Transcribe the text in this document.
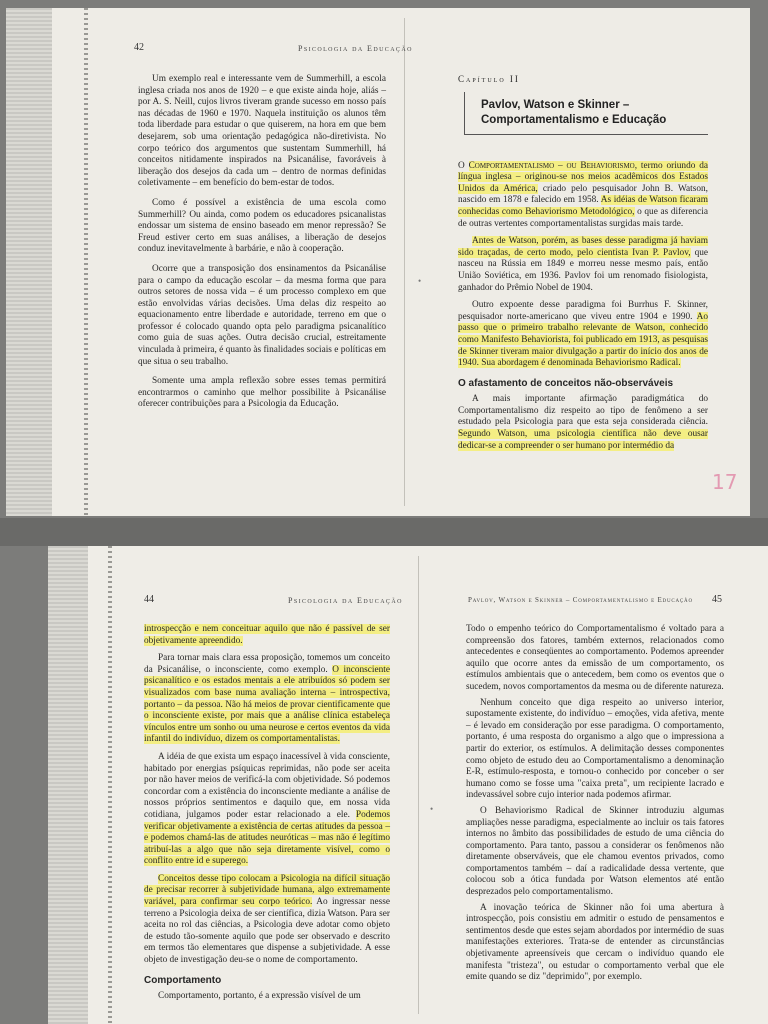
42	Psicologia da Educação

Um exemplo real e interessante vem de Summerhill, a escola inglesa criada nos anos de 1920 – e que existe ainda hoje, aliás – por A. S. Neill, cujos livros tiveram grande sucesso em nosso país nas décadas de 1960 e 1970. Naquela instituição os alunos têm toda liberdade para estudar o que quiserem, na hora em que bem desejarem, sob uma orientação pedagógica não-diretivista. No corpo teórico dos argumentos que sustentam Summerhill, há conceitos nitidamente inspirados na Psicanálise, favoráveis à liberação dos desejos da cada um – dentro de normas definidas coletivamente – em benefício do bem-estar de todos.

Como é possível a existência de uma escola como Summerhill? Ou ainda, como podem os educadores psicanalistas endossar um sistema de ensino baseado em menor repressão? Se Freud estiver certo em suas análises, a liberação de desejos conduz inevitavelmente à barbárie, e não à cooperação.

Ocorre que a transposição dos ensinamentos da Psicanálise para o campo da educação escolar – da mesma forma que para outros setores de nossa vida – é um processo complexo em que estão envolvidas várias decisões. Uma delas diz respeito ao equacionamento entre liberdade e autoridade, terreno em que o professor é colocado quando opta pelo paradigma psicanalítico como guia de suas ações. Outra decisão crucial, estreitamente vinculada à primeira, é quanto às finalidades sociais e políticas em que situa o seu trabalho.

Somente uma ampla reflexão sobre esses temas permitirá encontrarmos o caminho que melhor possibilite à Psicanálise oferecer contribuições para a Psicologia da Educação.

•
Capítulo II
Pavlov, Watson e Skinner –
Comportamentalismo e Educação

O Comportamentalismo – ou Behaviorismo, termo oriundo da língua inglesa – originou-se nos meios acadêmicos dos Estados Unidos da América, criado pelo pesquisador John B. Watson, nascido em 1878 e falecido em 1958. As idéias de Watson ficaram conhecidas como Behaviorismo Metodológico, o que as diferencia de outras vertentes comportamentalistas surgidas mais tarde.

Antes de Watson, porém, as bases desse paradigma já haviam sido traçadas, de certo modo, pelo cientista Ivan P. Pavlov, que nasceu na Rússia em 1849 e morreu nesse mesmo país, então União Soviética, em 1936. Pavlov foi um renomado fisiologista, ganhador do Prêmio Nobel de 1904.

Outro expoente desse paradigma foi Burrhus F. Skinner, pesquisador norte-americano que viveu entre 1904 e 1990. Ao passo que o primeiro trabalho relevante de Watson, conhecido como Manifesto Behaviorista, foi publicado em 1913, as pesquisas de Skinner tiveram maior divulgação a partir do início dos anos de 1940. Sua abordagem é denominada Behaviorismo Radical.

O afastamento de conceitos não-observáveis

A mais importante afirmação paradigmática do Comportamentalismo diz respeito ao tipo de fenômeno a ser estudado pela Psicologia para que esta seja considerada ciência. Segundo Watson, uma psicologia científica não deve ousar dedicar-se a compreender o ser humano por intermédio da

17
44	Psicologia da Educação	Pavlov, Watson e Skinner – Comportamentalismo e Educação 45

introspecção e nem conceituar aquilo que não é passível de ser objetivamente apreendido.

Para tornar mais clara essa proposição, tomemos um conceito da Psicanálise, o inconsciente, como exemplo. O inconsciente psicanalítico e os estados mentais a ele atribuídos só podem ser visualizados com base numa avaliação interna – introspectiva, portanto – da pessoa. Não há meios de provar cientificamente que o inconsciente existe, por mais que a análise clínica estabeleça vínculos entre um sonho ou uma neurose e certos eventos da vida infantil do indivíduo, dizem os comportamentalistas.

A idéia de que exista um espaço inacessível à vida consciente, habitado por energias psíquicas reprimidas, não pode ser aceita por não haver meios de verificá-la com objetividade. Só podemos concordar com a existência do inconsciente mediante a análise de nossos próprios sentimentos e daquilo que, em nossa vida cotidiana, julgamos poder estar relacionado a ele. Podemos verificar objetivamente a existência de certas atitudes da pessoa – e podemos chamá-las de atitudes neuróticas – mas não é legítimo atribuí-las a algo que não seja diretamente visível, como o conflito entre id e superego.

Conceitos desse tipo colocam a Psicologia na difícil situação de precisar recorrer à subjetividade humana, algo extremamente variável, para confirmar seu corpo teórico. Ao ingressar nesse terreno a Psicologia deixa de ser científica, dizia Watson. Para ser aceita no rol das ciências, a Psicologia deve adotar como objeto de estudo tão-somente aquilo que pode ser observado e descrito em termos tão elementares que dispense a subjetividade. A esse objeto de investigação deu-se o nome de comportamento.

Comportamento

Comportamento, portanto, é a expressão visível de um

•

Todo o empenho teórico do Comportamentalismo é voltado para a compreensão dos fatores, também externos, relacionados como antecedentes e conseqüentes ao comportamento. Podemos apreender aquilo que ocorre antes da emissão de um comportamento, os estímulos ambientais que o antecedem, bem como os eventos que o sucedem, novos comportamentos da mesma ou de diferente natureza.

Nenhum conceito que diga respeito ao universo interior, supostamente existente, do indivíduo – emoções, vida afetiva, mente – é levado em consideração por esse paradigma. O comportamento, portanto, é uma resposta do organismo a algo que o impressiona a partir do exterior, os estímulos. A delimitação desses componentes como objeto de estudo deu ao Comportamentalismo a denominação E-R, estímulo-resposta, e tornou-o conhecido por conceber o ser humano como se fosse uma "caixa preta", um recipiente lacrado e indevassável sobre cujo interior nada podemos afirmar.

O Behaviorismo Radical de Skinner introduziu algumas ampliações nesse paradigma, especialmente ao incluir os tais fatores internos no âmbito das possibilidades de estudo de uma ciência do comportamento. Para tanto, passou a considerar os fenômenos não diretamente observáveis, que ele chamou eventos privados, como comportamentos também – daí a radicalidade dessa vertente, que colocou sob a ótica fundada por Watson elementos até então desprezados pelo comportamentalismo.

A inovação teórica de Skinner não foi uma abertura à introspecção, pois consistiu em admitir o estudo de pensamentos e sentimentos desde que estes sejam abordados por intermédio de suas manifestações exteriores. Trata-se de entender as circunstâncias objetivamente apreensíveis que cercam o indivíduo quando ele manifesta "tristeza", ou estudar o comportamento verbal que ele emite quando se diz "deprimido", por exemplo.
